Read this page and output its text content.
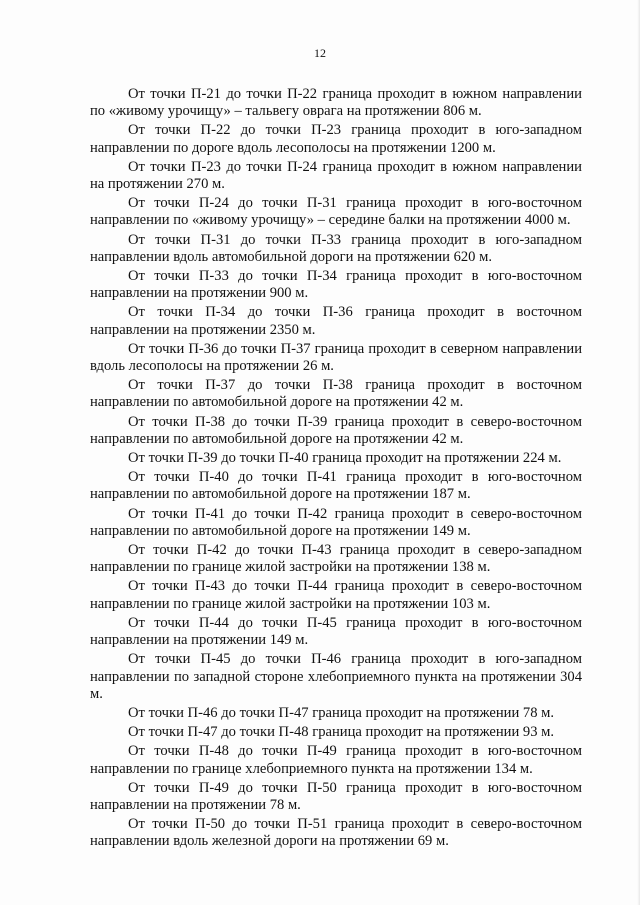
12

От точки П-21 до точки П-22 граница проходит в южном направлении по «живому урочищу» – тальвегу оврага на протяжении 806 м.

От точки П-22 до точки П-23 граница проходит в юго-западном направлении по дороге вдоль лесополосы на протяжении 1200 м.

От точки П-23 до точки П-24 граница проходит в южном направлении на протяжении 270 м.

От точки П-24 до точки П-31 граница проходит в юго-восточном направлении по «живому урочищу» – середине балки на протяжении 4000 м.

От точки П-31 до точки П-33 граница проходит в юго-западном направлении вдоль автомобильной дороги на протяжении 620 м.

От точки П-33 до точки П-34 граница проходит в юго-восточном направлении на протяжении 900 м.

От точки П-34 до точки П-36 граница проходит в восточном направлении на протяжении 2350 м.

От точки П-36 до точки П-37 граница проходит в северном направлении вдоль лесополосы на протяжении 26 м.

От точки П-37 до точки П-38 граница проходит в восточном направлении по автомобильной дороге на протяжении 42 м.

От точки П-38 до точки П-39 граница проходит в северо-восточном направлении по автомобильной дороге на протяжении 42 м.

От точки П-39 до точки П-40 граница проходит на протяжении 224 м.

От точки П-40 до точки П-41 граница проходит в юго-восточном направлении по автомобильной дороге на протяжении 187 м.

От точки П-41 до точки П-42 граница проходит в северо-восточном направлении по автомобильной дороге на протяжении 149 м.

От точки П-42 до точки П-43 граница проходит в северо-западном направлении по границе жилой застройки на протяжении 138 м.

От точки П-43 до точки П-44 граница проходит в северо-восточном направлении по границе жилой застройки на протяжении 103 м.

От точки П-44 до точки П-45 граница проходит в юго-восточном направлении на протяжении 149 м.

От точки П-45 до точки П-46 граница проходит в юго-западном направлении по западной стороне хлебоприемного пункта на протяжении 304 м.

От точки П-46 до точки П-47 граница проходит на протяжении 78 м.

От точки П-47 до точки П-48 граница проходит на протяжении 93 м.

От точки П-48 до точки П-49 граница проходит в юго-восточном направлении по границе хлебоприемного пункта на протяжении 134 м.

От точки П-49 до точки П-50 граница проходит в юго-восточном направлении на протяжении 78 м.

От точки П-50 до точки П-51 граница проходит в северо-восточном направлении вдоль железной дороги на протяжении 69 м.
